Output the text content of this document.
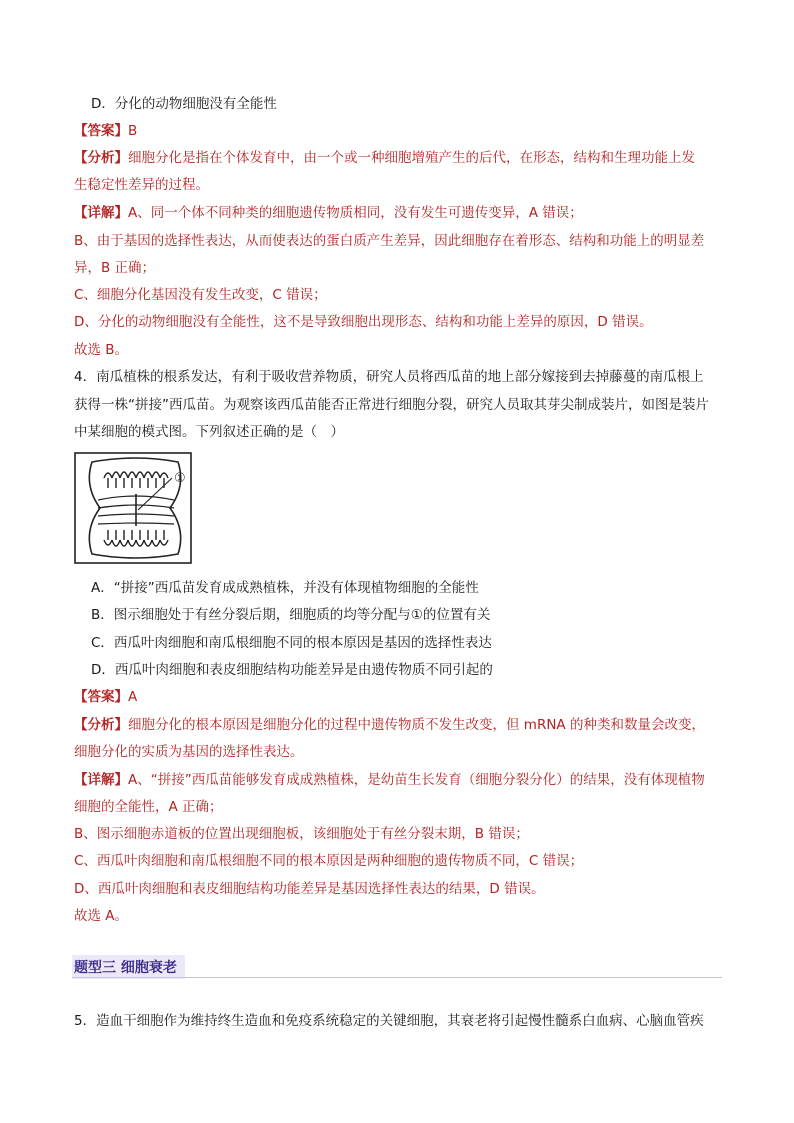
D．分化的动物细胞没有全能性
【答案】B
【分析】细胞分化是指在个体发育中，由一个或一种细胞增殖产生的后代，在形态，结构和生理功能上发
生稳定性差异的过程。
【详解】A、同一个体不同种类的细胞遗传物质相同，没有发生可遗传变异，A 错误；
B、由于基因的选择性表达，从而使表达的蛋白质产生差异，因此细胞存在着形态、结构和功能上的明显差
异，B 正确；
C、细胞分化基因没有发生改变，C 错误；
D、分化的动物细胞没有全能性，这不是导致细胞出现形态、结构和功能上差异的原因，D 错误。
故选 B。
4．南瓜植株的根系发达，有利于吸收营养物质，研究人员将西瓜苗的地上部分嫁接到去掉藤蔓的南瓜根上
获得一株“拼接”西瓜苗。为观察该西瓜苗能否正常进行细胞分裂，研究人员取其芽尖制成装片，如图是装片
中某细胞的模式图。下列叙述正确的是（　）
①
A．“拼接”西瓜苗发育成成熟植株，并没有体现植物细胞的全能性
B．图示细胞处于有丝分裂后期，细胞质的均等分配与①的位置有关
C．西瓜叶肉细胞和南瓜根细胞不同的根本原因是基因的选择性表达
D．西瓜叶肉细胞和表皮细胞结构功能差异是由遗传物质不同引起的
【答案】A
【分析】细胞分化的根本原因是细胞分化的过程中遗传物质不发生改变，但 mRNA 的种类和数量会改变，
细胞分化的实质为基因的选择性表达。
【详解】A、“拼接”西瓜苗能够发育成成熟植株，是幼苗生长发育（细胞分裂分化）的结果，没有体现植物
细胞的全能性，A 正确；
B、图示细胞赤道板的位置出现细胞板，该细胞处于有丝分裂末期，B 错误；
C、西瓜叶肉细胞和南瓜根细胞不同的根本原因是两种细胞的遗传物质不同，C 错误；
D、西瓜叶肉细胞和表皮细胞结构功能差异是基因选择性表达的结果，D 错误。
故选 A。
题型三 细胞衰老
5．造血干细胞作为维持终生造血和免疫系统稳定的关键细胞，其衰老将引起慢性髓系白血病、心脑血管疾
